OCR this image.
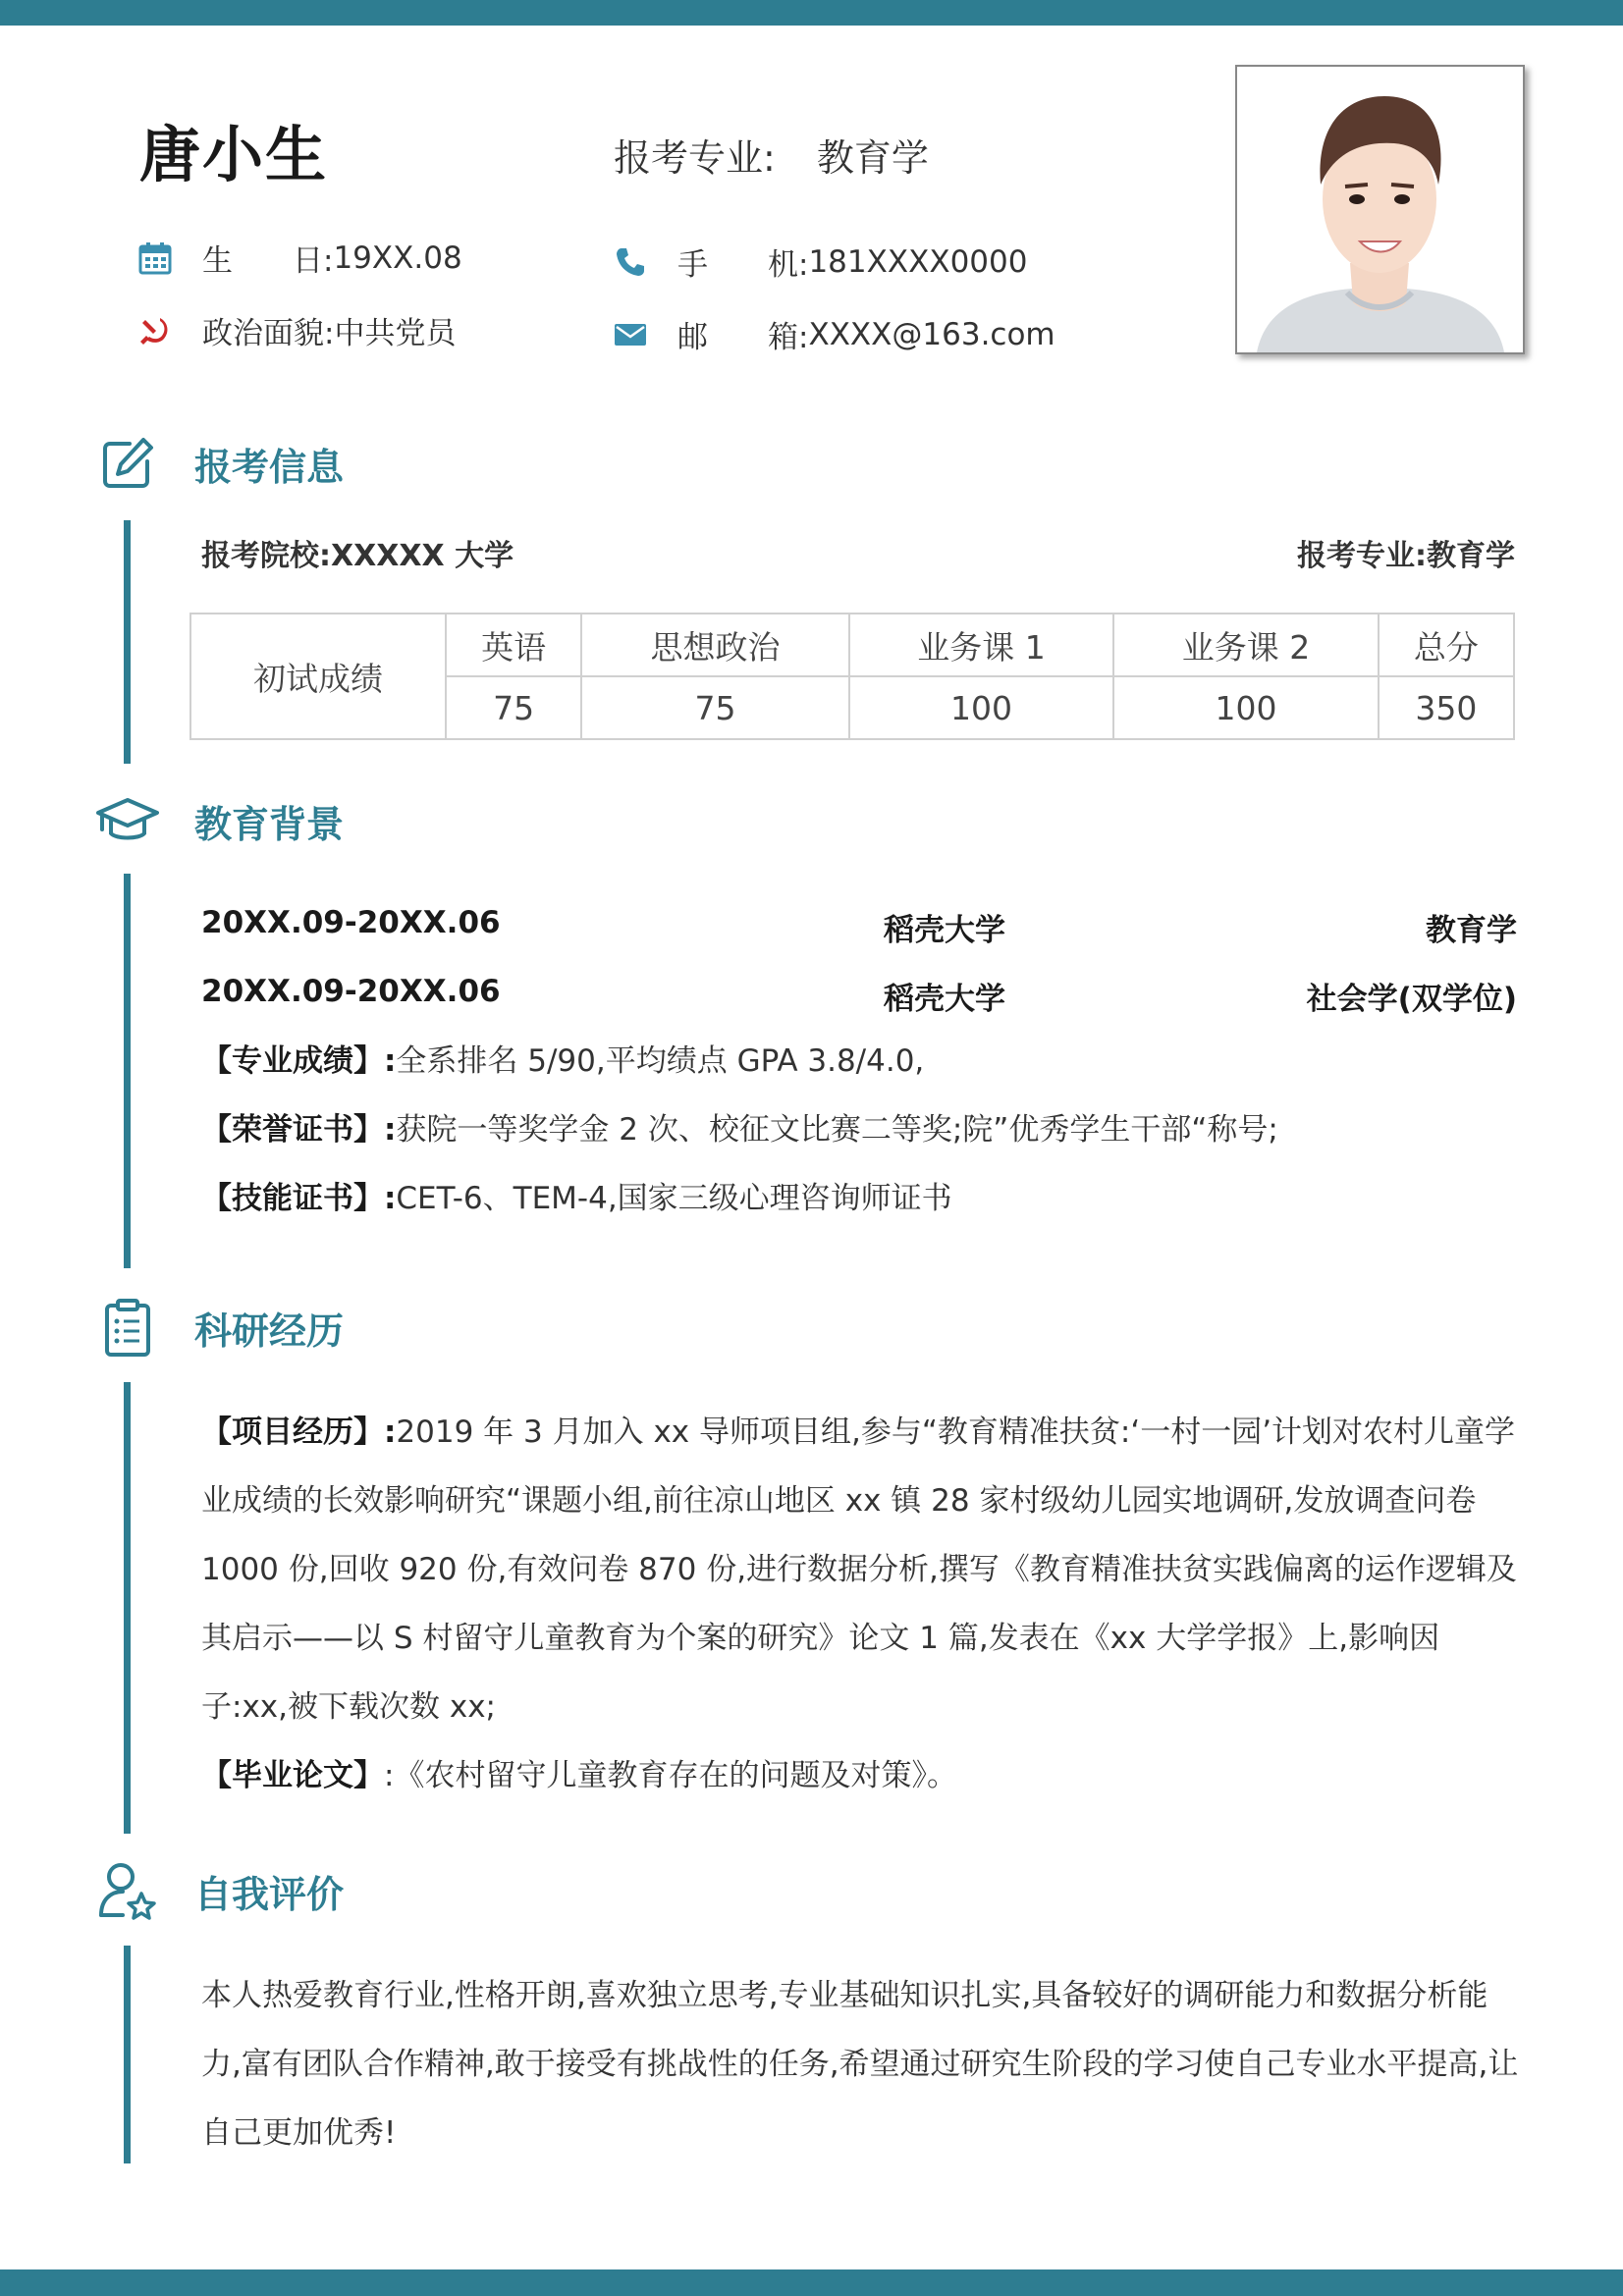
唐小生	报考专业: 教育学
生	日: 19XX.08
政治面貌: 中共党员
手	机: 181XXXX0000
邮	箱: XXXX@163.com
报考信息
报考院校:XXXXX 大学	报考专业:教育学
初试成绩	英语	思想政治	业务课 1	业务课 2	总分
	75	75	100	100	350
教育背景
20XX.09-20XX.06	稻壳大学	教育学
20XX.09-20XX.06	稻壳大学	社会学(双学位)
【专业成绩】:全系排名 5/90,平均绩点 GPA 3.8/4.0,
【荣誉证书】:获院一等奖学金 2 次、校征文比赛二等奖;院”优秀学生干部“称号;
【技能证书】:CET-6、TEM-4,国家三级心理咨询师证书
科研经历
【项目经历】:2019 年 3 月加入 xx 导师项目组,参与“教育精准扶贫:‘一村一园’计划对农村儿童学业成绩的长效影响研究“课题小组,前往凉山地区 xx 镇 28 家村级幼儿园实地调研,发放调查问卷 1000 份,回收 920 份,有效问卷 870 份,进行数据分析,撰写《教育精准扶贫实践偏离的运作逻辑及其启示——以 S 村留守儿童教育为个案的研究》论文 1 篇,发表在《xx 大学学报》上,影响因子:xx,被下载次数 xx;
【毕业论文】:《农村留守儿童教育存在的问题及对策》。
自我评价
本人热爱教育行业,性格开朗,喜欢独立思考,专业基础知识扎实,具备较好的调研能力和数据分析能力,富有团队合作精神,敢于接受有挑战性的任务,希望通过研究生阶段的学习使自己专业水平提高,让自己更加优秀!
